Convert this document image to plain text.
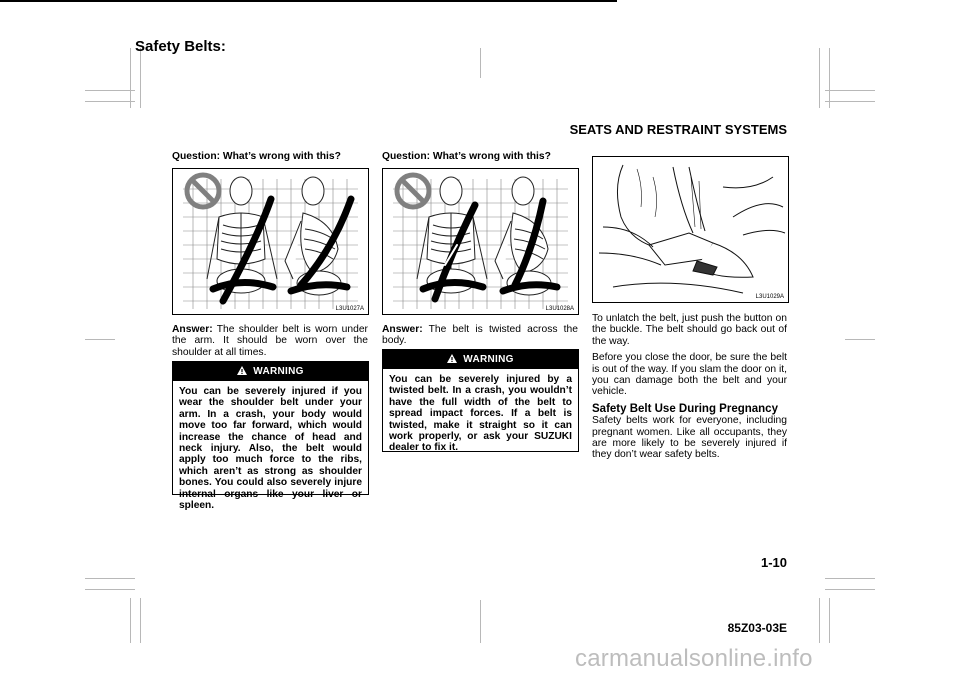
Safety Belts:
SEATS AND RESTRAINT SYSTEMS
Question: What’s wrong with this?
L3U1027A

Answer: The shoulder belt is worn under the arm. It should be worn over the shoulder at all times.

WARNING
You can be severely injured if you wear the shoulder belt under your arm. In a crash, your body would move too far forward, which would increase the chance of head and neck injury. Also, the belt would apply too much force to the ribs, which aren’t as strong as shoulder bones. You could also severely injure internal organs like your liver or spleen.
Question: What’s wrong with this?
L3U1028A

Answer: The belt is twisted across the body.

WARNING
You can be severely injured by a twisted belt. In a crash, you wouldn’t have the full width of the belt to spread impact forces. If a belt is twisted, make it straight so it can work properly, or ask your SUZUKI dealer to fix it.
L3U1029A

To unlatch the belt, just push the button on the buckle. The belt should go back out of the way.

Before you close the door, be sure the belt is out of the way. If you slam the door on it, you can damage both the belt and your vehicle.

Safety Belt Use During Pregnancy

Safety belts work for everyone, including pregnant women. Like all occupants, they are more likely to be severely injured if they don’t wear safety belts.

1-10
85Z03-03E
carmanualsonline.info
